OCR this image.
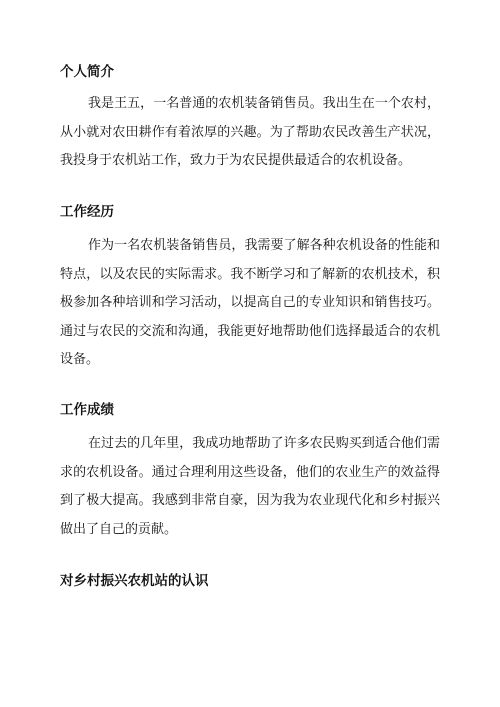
个人简介
我是王五，一名普通的农机装备销售员。我出生在一个农村，
从小就对农田耕作有着浓厚的兴趣。为了帮助农民改善生产状况，
我投身于农机站工作，致力于为农民提供最适合的农机设备。
工作经历
作为一名农机装备销售员，我需要了解各种农机设备的性能和
特点，以及农民的实际需求。我不断学习和了解新的农机技术，积
极参加各种培训和学习活动，以提高自己的专业知识和销售技巧。
通过与农民的交流和沟通，我能更好地帮助他们选择最适合的农机
设备。
工作成绩
在过去的几年里，我成功地帮助了许多农民购买到适合他们需
求的农机设备。通过合理利用这些设备，他们的农业生产的效益得
到了极大提高。我感到非常自豪，因为我为农业现代化和乡村振兴
做出了自己的贡献。
对乡村振兴农机站的认识
